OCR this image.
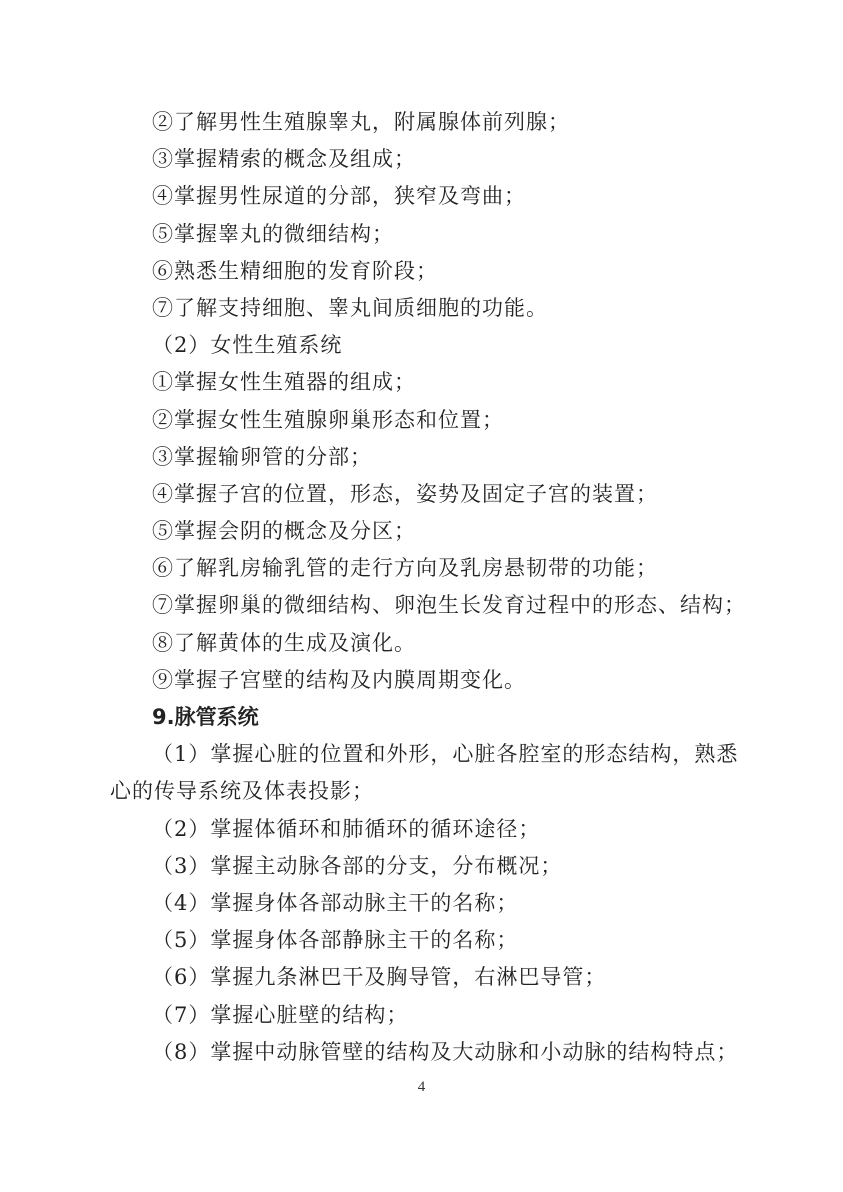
②了解男性生殖腺睾丸，附属腺体前列腺；
③掌握精索的概念及组成；
④掌握男性尿道的分部，狭窄及弯曲；
⑤掌握睾丸的微细结构；
⑥熟悉生精细胞的发育阶段；
⑦了解支持细胞、睾丸间质细胞的功能。
（2）女性生殖系统
①掌握女性生殖器的组成；
②掌握女性生殖腺卵巢形态和位置；
③掌握输卵管的分部；
④掌握子宫的位置，形态，姿势及固定子宫的装置；
⑤掌握会阴的概念及分区；
⑥了解乳房输乳管的走行方向及乳房悬韧带的功能；
⑦掌握卵巢的微细结构、卵泡生长发育过程中的形态、结构；
⑧了解黄体的生成及演化。
⑨掌握子宫壁的结构及内膜周期变化。
9.脉管系统
（1）掌握心脏的位置和外形，心脏各腔室的形态结构，熟悉心的传导系统及体表投影；
（2）掌握体循环和肺循环的循环途径；
（3）掌握主动脉各部的分支，分布概况；
（4）掌握身体各部动脉主干的名称；
（5）掌握身体各部静脉主干的名称；
（6）掌握九条淋巴干及胸导管，右淋巴导管；
（7）掌握心脏壁的结构；
（8）掌握中动脉管壁的结构及大动脉和小动脉的结构特点；
4
